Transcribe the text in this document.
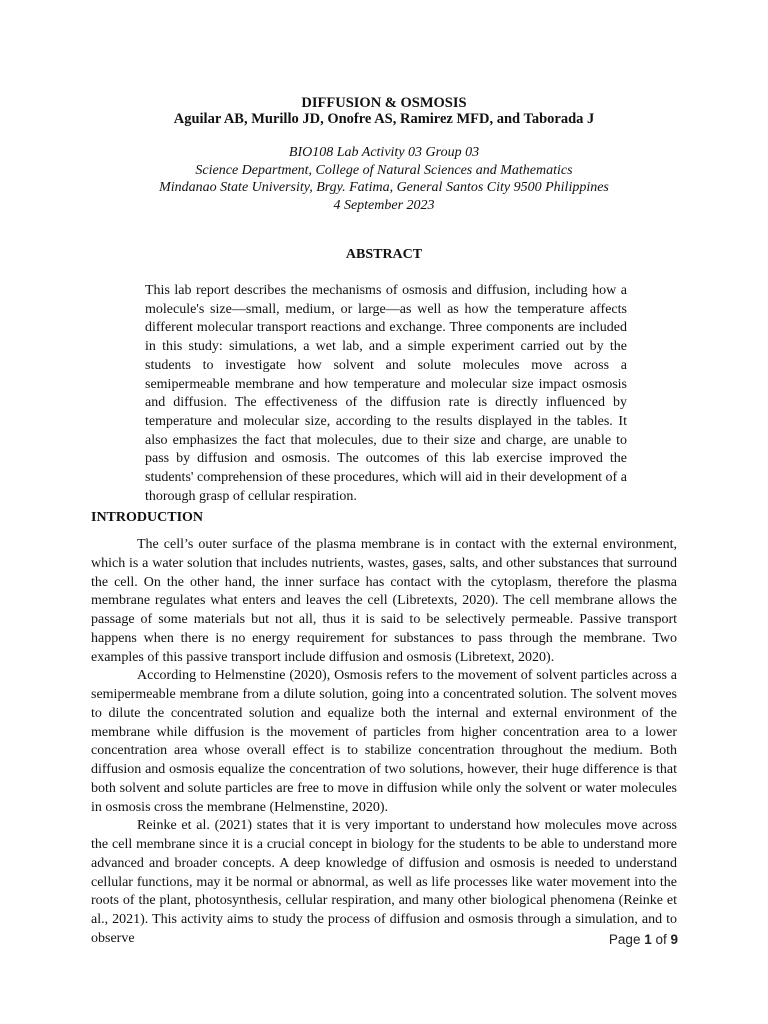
DIFFUSION & OSMOSIS
Aguilar AB, Murillo JD, Onofre AS, Ramirez MFD, and Taborada J
BIO108 Lab Activity 03 Group 03
Science Department, College of Natural Sciences and Mathematics
Mindanao State University, Brgy. Fatima, General Santos City 9500 Philippines
4 September 2023
ABSTRACT
This lab report describes the mechanisms of osmosis and diffusion, including how a molecule's size—small, medium, or large—as well as how the temperature affects different molecular transport reactions and exchange. Three components are included in this study: simulations, a wet lab, and a simple experiment carried out by the students to investigate how solvent and solute molecules move across a semipermeable membrane and how temperature and molecular size impact osmosis and diffusion. The effectiveness of the diffusion rate is directly influenced by temperature and molecular size, according to the results displayed in the tables. It also emphasizes the fact that molecules, due to their size and charge, are unable to pass by diffusion and osmosis. The outcomes of this lab exercise improved the students' comprehension of these procedures, which will aid in their development of a thorough grasp of cellular respiration.
INTRODUCTION

The cell’s outer surface of the plasma membrane is in contact with the external environment, which is a water solution that includes nutrients, wastes, gases, salts, and other substances that surround the cell. On the other hand, the inner surface has contact with the cytoplasm, therefore the plasma membrane regulates what enters and leaves the cell (Libretexts, 2020). The cell membrane allows the passage of some materials but not all, thus it is said to be selectively permeable. Passive transport happens when there is no energy requirement for substances to pass through the membrane. Two examples of this passive transport include diffusion and osmosis (Libretext, 2020).

According to Helmenstine (2020), Osmosis refers to the movement of solvent particles across a semipermeable membrane from a dilute solution, going into a concentrated solution. The solvent moves to dilute the concentrated solution and equalize both the internal and external environment of the membrane while diffusion is the movement of particles from higher concentration area to a lower concentration area whose overall effect is to stabilize concentration throughout the medium. Both diffusion and osmosis equalize the concentration of two solutions, however, their huge difference is that both solvent and solute particles are free to move in diffusion while only the solvent or water molecules in osmosis cross the membrane (Helmenstine, 2020).

Reinke et al. (2021) states that it is very important to understand how molecules move across the cell membrane since it is a crucial concept in biology for the students to be able to understand more advanced and broader concepts. A deep knowledge of diffusion and osmosis is needed to understand cellular functions, may it be normal or abnormal, as well as life processes like water movement into the roots of the plant, photosynthesis, cellular respiration, and many other biological phenomena (Reinke et al., 2021). This activity aims to study the process of diffusion and osmosis through a simulation, and to observe	Page 1 of 9
